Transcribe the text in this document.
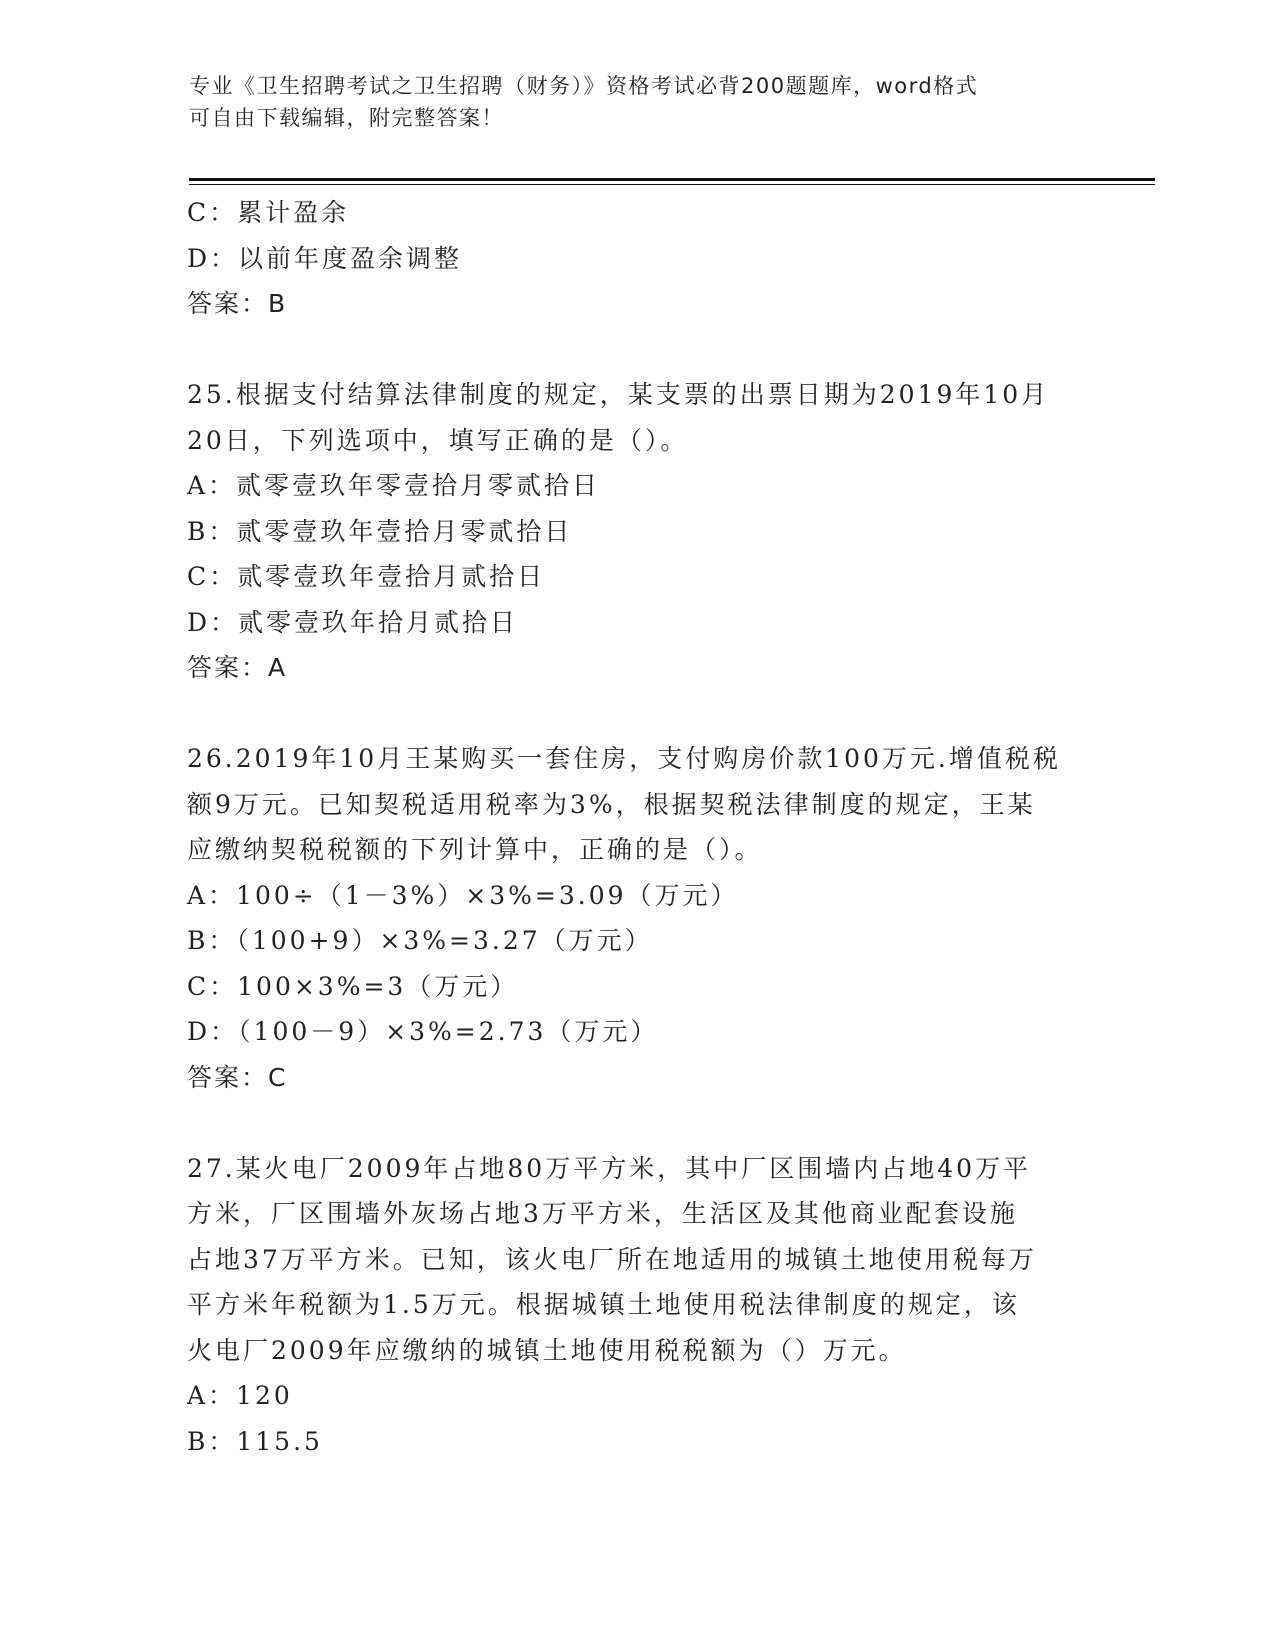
专业《卫生招聘考试之卫生招聘（财务）》资格考试必背200题题库，word格式
可自由下载编辑，附完整答案！
C：累计盈余
D：以前年度盈余调整
答案：B
25.根据支付结算法律制度的规定，某支票的出票日期为2019年10月
20日，下列选项中，填写正确的是（）。
A：贰零壹玖年零壹拾月零贰拾日
B：贰零壹玖年壹拾月零贰拾日
C：贰零壹玖年壹拾月贰拾日
D：贰零壹玖年拾月贰拾日
答案：A
26.2019年10月王某购买一套住房，支付购房价款100万元.增值税税
额9万元。已知契税适用税率为3%，根据契税法律制度的规定，王某
应缴纳契税税额的下列计算中，正确的是（）。
A：100÷（1－3%）×3%=3.09（万元）
B：（100+9）×3%=3.27（万元）
C：100×3%=3（万元）
D：（100－9）×3%=2.73（万元）
答案：C
27.某火电厂2009年占地80万平方米，其中厂区围墙内占地40万平
方米，厂区围墙外灰场占地3万平方米，生活区及其他商业配套设施
占地37万平方米。已知，该火电厂所在地适用的城镇土地使用税每万
平方米年税额为1.5万元。根据城镇土地使用税法律制度的规定，该
火电厂2009年应缴纳的城镇土地使用税税额为（）万元。
A：120
B：115.5
